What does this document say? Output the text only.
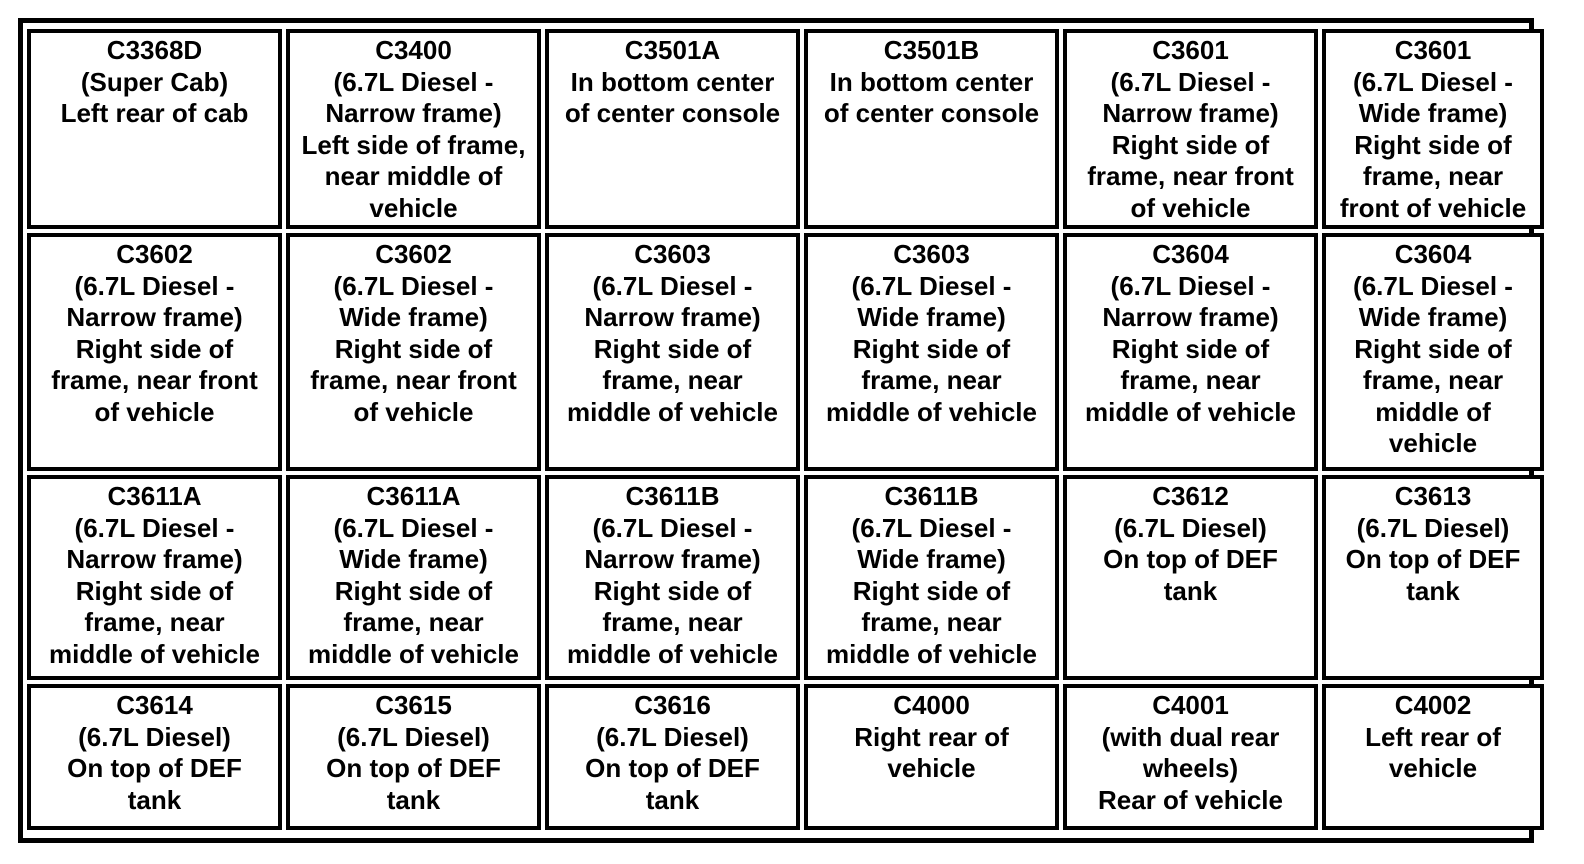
C3368D
(Super Cab)
Left rear of cab
C3400
(6.7L Diesel -
Narrow frame)
Left side of frame,
near middle of
vehicle
C3501A
In bottom center
of center console
C3501B
In bottom center
of center console
C3601
(6.7L Diesel -
Narrow frame)
Right side of
frame, near front
of vehicle
C3601
(6.7L Diesel -
Wide frame)
Right side of
frame, near
front of vehicle
C3602
(6.7L Diesel -
Narrow frame)
Right side of
frame, near front
of vehicle
C3602
(6.7L Diesel -
Wide frame)
Right side of
frame, near front
of vehicle
C3603
(6.7L Diesel -
Narrow frame)
Right side of
frame, near
middle of vehicle
C3603
(6.7L Diesel -
Wide frame)
Right side of
frame, near
middle of vehicle
C3604
(6.7L Diesel -
Narrow frame)
Right side of
frame, near
middle of vehicle
C3604
(6.7L Diesel -
Wide frame)
Right side of
frame, near
middle of
vehicle
C3611A
(6.7L Diesel -
Narrow frame)
Right side of
frame, near
middle of vehicle
C3611A
(6.7L Diesel -
Wide frame)
Right side of
frame, near
middle of vehicle
C3611B
(6.7L Diesel -
Narrow frame)
Right side of
frame, near
middle of vehicle
C3611B
(6.7L Diesel -
Wide frame)
Right side of
frame, near
middle of vehicle
C3612
(6.7L Diesel)
On top of DEF
tank
C3613
(6.7L Diesel)
On top of DEF
tank
C3614
(6.7L Diesel)
On top of DEF
tank
C3615
(6.7L Diesel)
On top of DEF
tank
C3616
(6.7L Diesel)
On top of DEF
tank
C4000
Right rear of
vehicle
C4001
(with dual rear
wheels)
Rear of vehicle
C4002
Left rear of
vehicle
